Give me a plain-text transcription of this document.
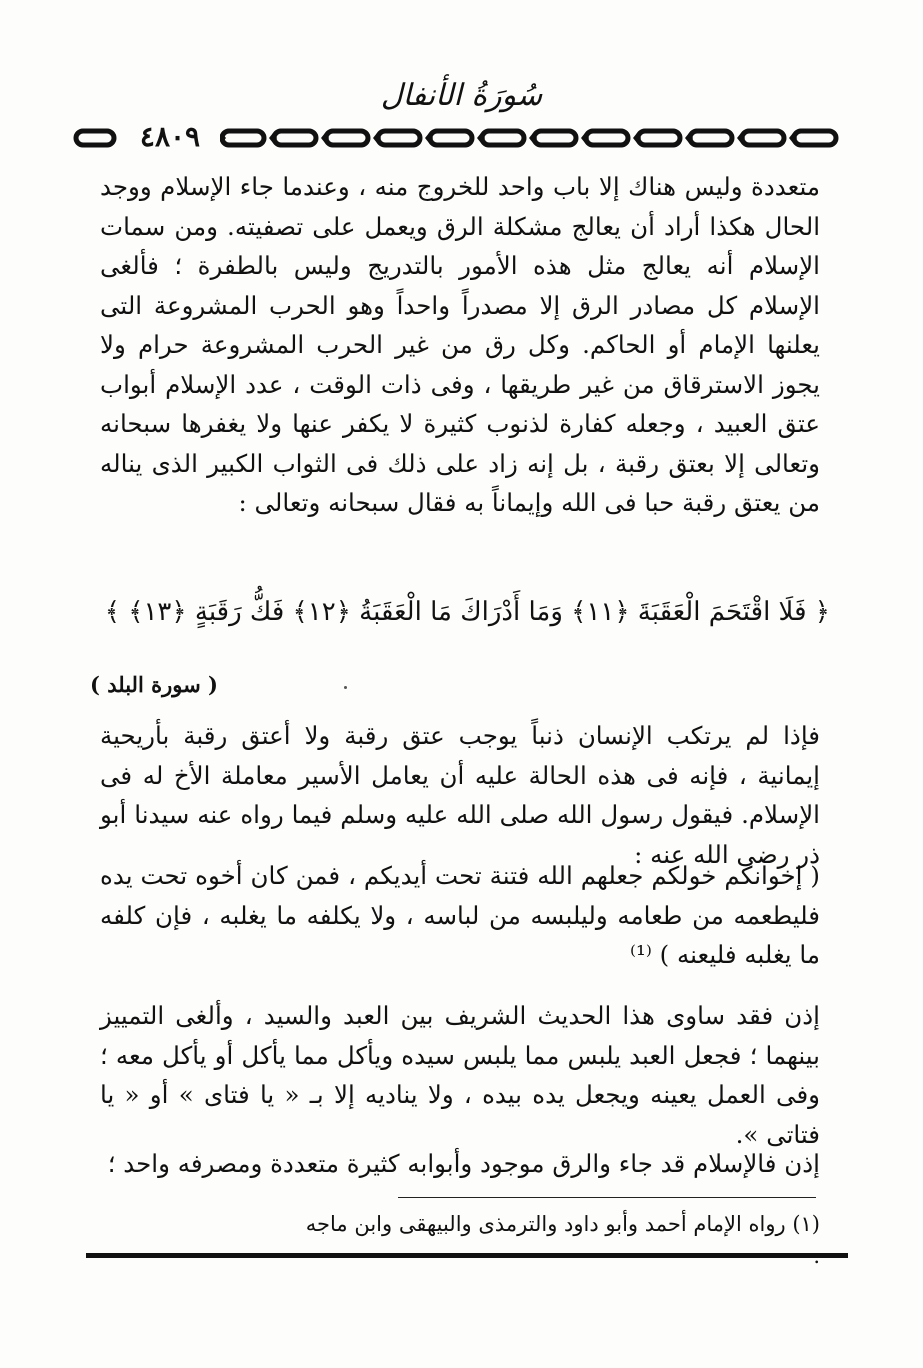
سُورَةُ الأنفال
٤٨٠٩

متعددة وليس هناك إلا باب واحد للخروج منه ، وعندما جاء الإسلام ووجد الحال هكذا أراد أن يعالج مشكلة الرق ويعمل على تصفيته. ومن سمات الإسلام أنه يعالج مثل هذه الأمور بالتدريج وليس بالطفرة ؛ فألغى الإسلام كل مصادر الرق إلا مصدراً واحداً وهو الحرب المشروعة التى يعلنها الإمام أو الحاكم. وكل رق من غير الحرب المشروعة حرام ولا يجوز الاسترقاق من غير طريقها ، وفى ذات الوقت ، عدد الإسلام أبواب عتق العبيد ، وجعله كفارة لذنوب كثيرة لا يكفر عنها ولا يغفرها سبحانه وتعالى إلا بعتق رقبة ، بل إنه زاد على ذلك فى الثواب الكبير الذى يناله من يعتق رقبة حبا فى الله وإيماناً به فقال سبحانه وتعالى :

﴿ فَلَا اقْتَحَمَ الْعَقَبَةَ ﴿١١﴾ وَمَا أَدْرَاكَ مَا الْعَقَبَةُ ﴿١٢﴾ فَكُّ رَقَبَةٍ ﴿١٣﴾ ﴾
( سورة البلد )

فإذا لم يرتكب الإنسان ذنباً يوجب عتق رقبة ولا أعتق رقبة بأريحية إيمانية ، فإنه فى هذه الحالة عليه أن يعامل الأسير معاملة الأخ له فى الإسلام. فيقول رسول الله صلى الله عليه وسلم فيما رواه عنه سيدنا أبو ذر رضى الله عنه :

( إخوانكم خولكم جعلهم الله فتنة تحت أيديكم ، فمن كان أخوه تحت يده فليطعمه من طعامه وليلبسه من لباسه ، ولا يكلفه ما يغلبه ، فإن كلفه ما يغلبه فليعنه ) ⁽¹⁾

إذن فقد ساوى هذا الحديث الشريف بين العبد والسيد ، وألغى التمييز بينهما ؛ فجعل العبد يلبس مما يلبس سيده ويأكل مما يأكل أو يأكل معه ؛ وفى العمل يعينه ويجعل يده بيده ، ولا يناديه إلا بـ « يا فتاى » أو « يا فتاتى ».

إذن فالإسلام قد جاء والرق موجود وأبوابه كثيرة متعددة ومصرفه واحد ؛

(١) رواه الإمام أحمد وأبو داود والترمذى والبيهقى وابن ماجه
